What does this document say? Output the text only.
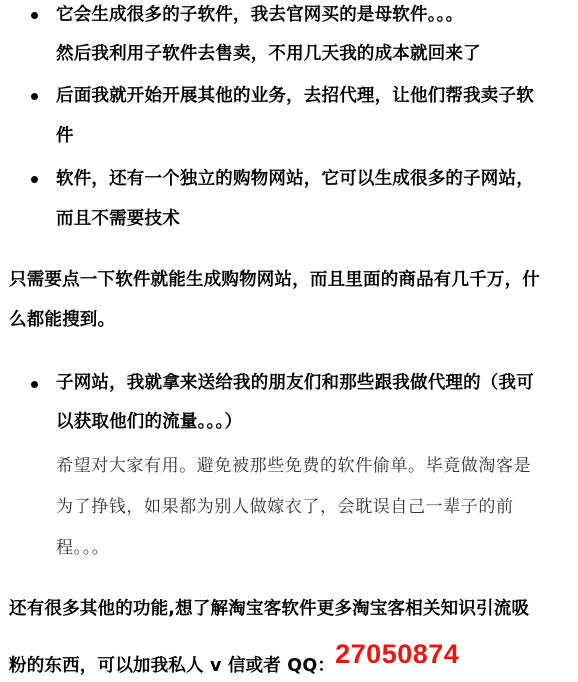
它会生成很多的子软件，我去官网买的是母软件。。。
然后我利用子软件去售卖，不用几天我的成本就回来了
后面我就开始开展其他的业务，去招代理，让他们帮我卖子软
件
软件，还有一个独立的购物网站，它可以生成很多的子网站，
而且不需要技术
只需要点一下软件就能生成购物网站，而且里面的商品有几千万，什
么都能搜到。
子网站，我就拿来送给我的朋友们和那些跟我做代理的（我可
以获取他们的流量。。。）
希望对大家有用。避免被那些免费的软件偷单。毕竟做淘客是
为了挣钱，如果都为别人做嫁衣了，会耽误自己一辈子的前
程。。。
还有很多其他的功能,想了解淘宝客软件更多淘宝客相关知识引流吸
粉的东西，可以加我私人 v 信或者 QQ：27050874
